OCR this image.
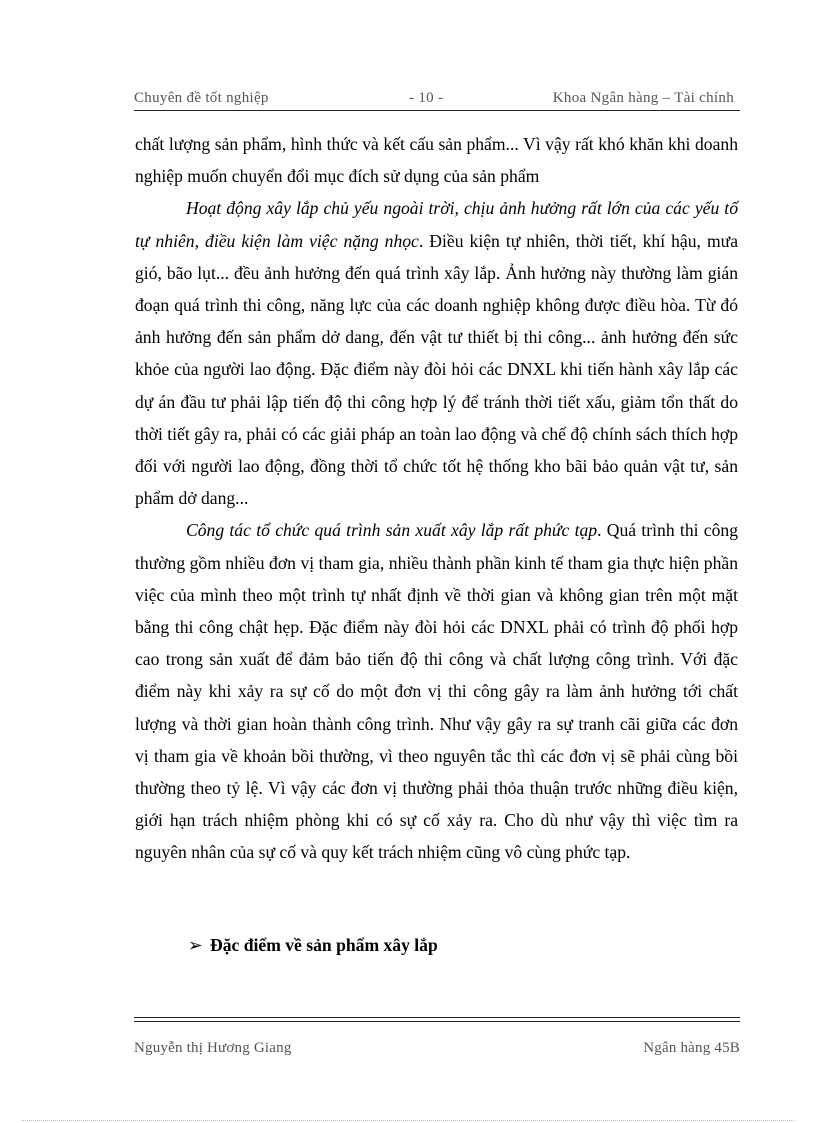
Chuyên đề tốt nghiệp	- 10 -	Khoa Ngân hàng – Tài chính

chất lượng sản phẩm, hình thức và kết cấu sản phẩm... Vì vậy rất khó khăn khi doanh nghiệp muốn chuyển đổi mục đích sử dụng của sản phẩm

Hoạt động xây lắp chủ yếu ngoài trời, chịu ảnh hưởng rất lớn của các yếu tố tự nhiên, điều kiện làm việc nặng nhọc. Điều kiện tự nhiên, thời tiết, khí hậu, mưa gió, bão lụt... đều ảnh hưởng đến quá trình xây lắp. Ảnh hưởng này thường làm gián đoạn quá trình thi công, năng lực của các doanh nghiệp không được điều hòa. Từ đó ảnh hưởng đến sản phẩm dở dang, đến vật tư thiết bị thi công... ảnh hưởng đến sức khỏe của người lao động. Đặc điểm này đòi hỏi các DNXL khi tiến hành xây lắp các dự án đầu tư phải lập tiến độ thi công hợp lý để tránh thời tiết xấu, giảm tổn thất do thời tiết gây ra, phải có các giải pháp an toàn lao động và chế độ chính sách thích hợp đối với người lao động, đồng thời tổ chức tốt hệ thống kho bãi bảo quản vật tư, sản phẩm dở dang...

Công tác tổ chức quá trình sản xuất xây lắp rất phức tạp. Quá trình thi công thường gồm nhiều đơn vị tham gia, nhiều thành phần kinh tế tham gia thực hiện phần việc của mình theo một trình tự nhất định về thời gian và không gian trên một mặt bằng thi công chật hẹp. Đặc điểm này đòi hỏi các DNXL phải có trình độ phối hợp cao trong sản xuất để đảm bảo tiến độ thi công và chất lượng công trình. Với đặc điểm này khi xảy ra sự cố do một đơn vị thi công gây ra làm ảnh hưởng tới chất lượng và thời gian hoàn thành công trình. Như vậy gây ra sự tranh cãi giữa các đơn vị tham gia về khoản bồi thường, vì theo nguyên tắc thì các đơn vị sẽ phải cùng bồi thường theo tỷ lệ. Vì vậy các đơn vị thường phải thỏa thuận trước những điều kiện, giới hạn trách nhiệm phòng khi có sự cố xảy ra. Cho dù như vậy thì việc tìm ra nguyên nhân của sự cố và quy kết trách nhiệm cũng vô cùng phức tạp.

➢ Đặc điểm về sản phẩm xây lắp
Nguyễn thị Hương Giang	Ngân hàng 45B
